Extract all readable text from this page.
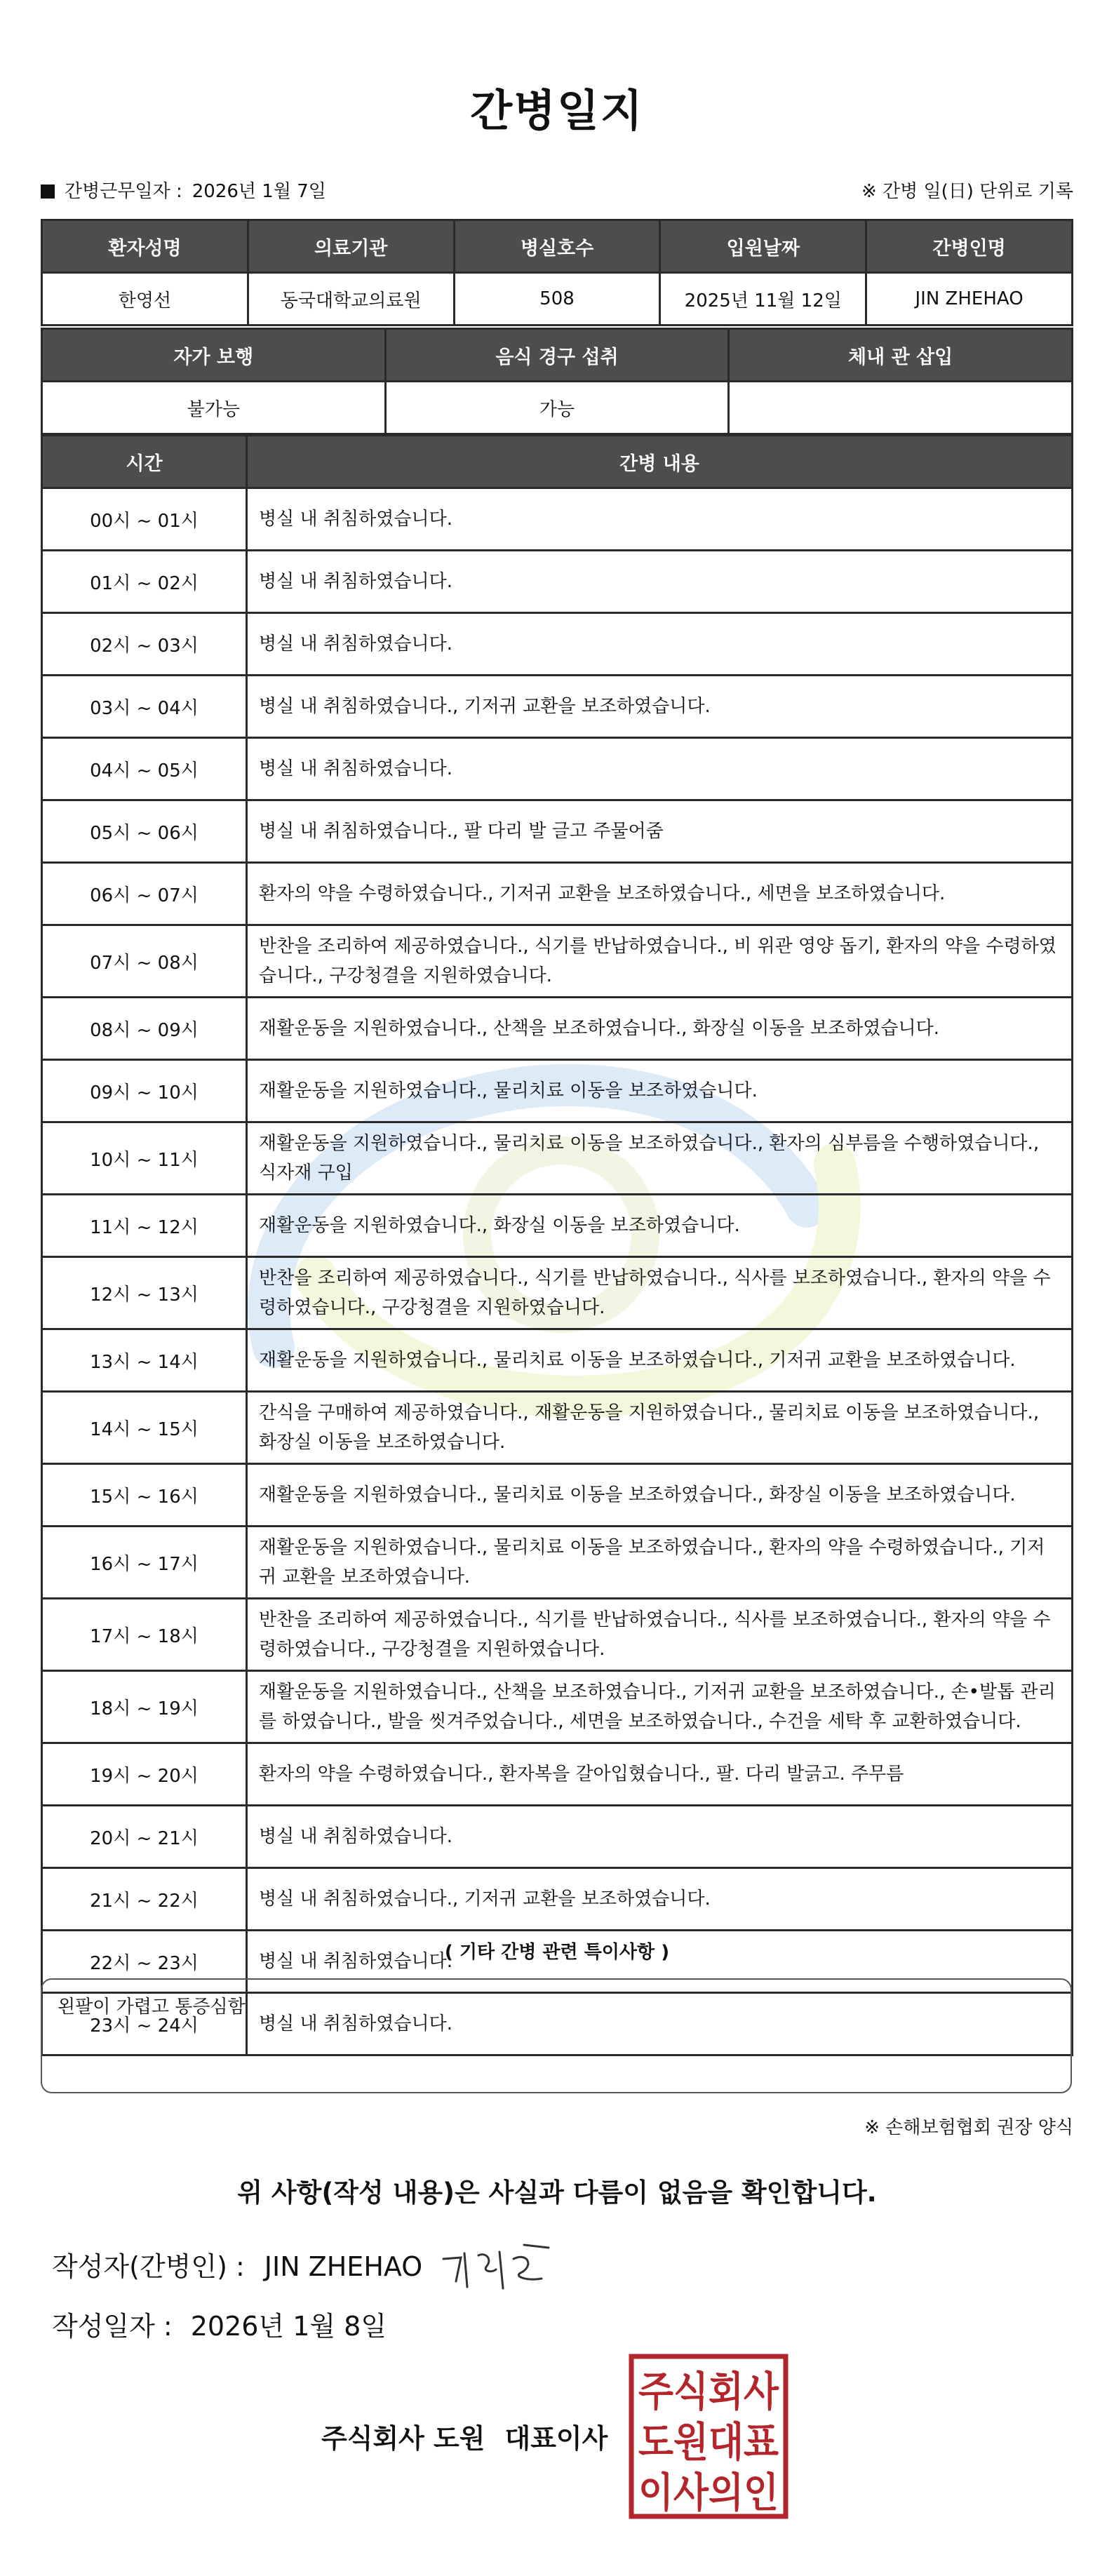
간병일지
간병근무일자 : 2026년 1월 7일	※ 간병 일(日) 단위로 기록
환자성명	의료기관	병실호수	입원날짜	간병인명
한영선	동국대학교의료원	508	2025년 11월 12일	JIN ZHEHAO
자가 보행	음식 경구 섭취	체내 관 삽입
불가능	가능	
시간	간병 내용
00시 ~ 01시	병실 내 취침하였습니다.
01시 ~ 02시	병실 내 취침하였습니다.
02시 ~ 03시	병실 내 취침하였습니다.
03시 ~ 04시	병실 내 취침하였습니다., 기저귀 교환을 보조하였습니다.
04시 ~ 05시	병실 내 취침하였습니다.
05시 ~ 06시	병실 내 취침하였습니다., 팔 다리 발 글고 주물어줌
06시 ~ 07시	환자의 약을 수령하였습니다., 기저귀 교환을 보조하였습니다., 세면을 보조하였습니다.
07시 ~ 08시	반찬을 조리하여 제공하였습니다., 식기를 반납하였습니다., 비 위관 영양 돕기, 환자의 약을 수령하였습니다., 구강청결을 지원하였습니다.
08시 ~ 09시	재활운동을 지원하였습니다., 산책을 보조하였습니다., 화장실 이동을 보조하였습니다.
09시 ~ 10시	재활운동을 지원하였습니다., 물리치료 이동을 보조하였습니다.
10시 ~ 11시	재활운동을 지원하였습니다., 물리치료 이동을 보조하였습니다., 환자의 심부름을 수행하였습니다., 식자재 구입
11시 ~ 12시	재활운동을 지원하였습니다., 화장실 이동을 보조하였습니다.
12시 ~ 13시	반찬을 조리하여 제공하였습니다., 식기를 반납하였습니다., 식사를 보조하였습니다., 환자의 약을 수령하였습니다., 구강청결을 지원하였습니다.
13시 ~ 14시	재활운동을 지원하였습니다., 물리치료 이동을 보조하였습니다., 기저귀 교환을 보조하였습니다.
14시 ~ 15시	간식을 구매하여 제공하였습니다., 재활운동을 지원하였습니다., 물리치료 이동을 보조하였습니다., 화장실 이동을 보조하였습니다.
15시 ~ 16시	재활운동을 지원하였습니다., 물리치료 이동을 보조하였습니다., 화장실 이동을 보조하였습니다.
16시 ~ 17시	재활운동을 지원하였습니다., 물리치료 이동을 보조하였습니다., 환자의 약을 수령하였습니다., 기저귀 교환을 보조하였습니다.
17시 ~ 18시	반찬을 조리하여 제공하였습니다., 식기를 반납하였습니다., 식사를 보조하였습니다., 환자의 약을 수령하였습니다., 구강청결을 지원하였습니다.
18시 ~ 19시	재활운동을 지원하였습니다., 산책을 보조하였습니다., 기저귀 교환을 보조하였습니다., 손•발톱 관리를 하였습니다., 발을 씻겨주었습니다., 세면을 보조하였습니다., 수건을 세탁 후 교환하였습니다.
19시 ~ 20시	환자의 약을 수령하였습니다., 환자복을 갈아입혔습니다., 팔. 다리 발긁고. 주무름
20시 ~ 21시	병실 내 취침하였습니다.
21시 ~ 22시	병실 내 취침하였습니다., 기저귀 교환을 보조하였습니다.
22시 ~ 23시	병실 내 취침하였습니다.
23시 ~ 24시	병실 내 취침하였습니다.
( 기타 간병 관련 특이사항 )
왼팔이 가렵고 통증심함
※ 손해보험협회 권장 양식
위 사항(작성 내용)은 사실과 다름이 없음을 확인합니다.
작성자(간병인) : JIN ZHEHAO
작성일자 : 2026년 1월 8일
주식회사 도원 대표이사
주식회사
도원대표
이사의인
